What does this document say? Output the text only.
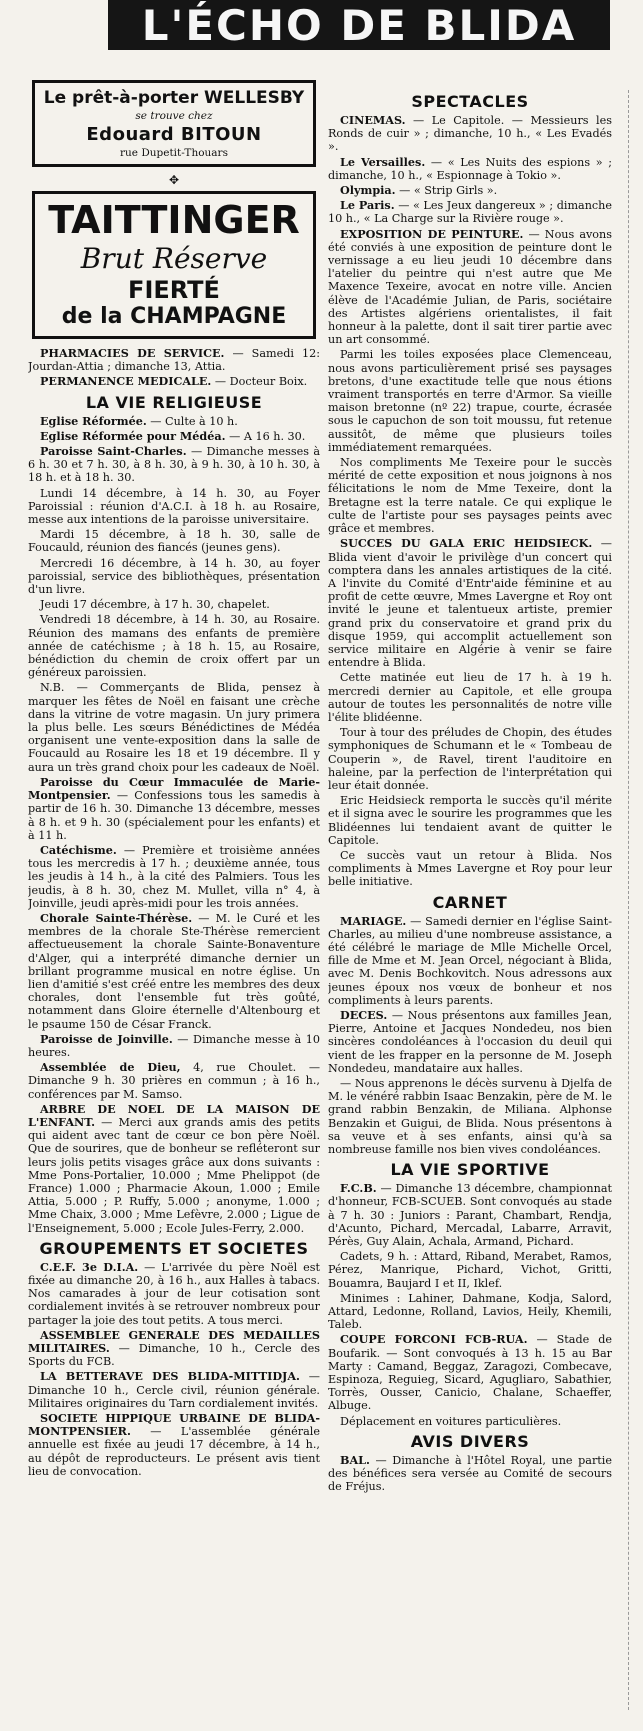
L'ÉCHO DE BLIDA
Le prêt-à-porter WELLESBY
se trouve chez
Edouard BITOUN
rue Dupetit-Thouars
✥
TAITTINGER
Brut Réserve
FIERTÉ
de la CHAMPAGNE

PHARMACIES DE SERVICE. — Samedi 12: Jourdan-Attia ; dimanche 13, Attia.

PERMANENCE MEDICALE. — Docteur Boix.

LA VIE RELIGIEUSE

Eglise Réformée. — Culte à 10 h.

Eglise Réformée pour Médéa. — A 16 h. 30.

Paroisse Saint-Charles. — Dimanche messes à 6 h. 30 et 7 h. 30, à 8 h. 30, à 9 h. 30, à 10 h. 30, à 18 h. et à 18 h. 30.

Lundi 14 décembre, à 14 h. 30, au Foyer Paroissial : réunion d'A.C.I. à 18 h. au Rosaire, messe aux intentions de la paroisse universitaire.

Mardi 15 décembre, à 18 h. 30, salle de Foucauld, réunion des fiancés (jeunes gens).

Mercredi 16 décembre, à 14 h. 30, au foyer paroissial, service des bibliothèques, présentation d'un livre.

Jeudi 17 décembre, à 17 h. 30, chapelet.

Vendredi 18 décembre, à 14 h. 30, au Rosaire. Réunion des mamans des enfants de première année de catéchisme ; à 18 h. 15, au Rosaire, bénédiction du chemin de croix offert par un généreux paroissien.

N.B. — Commerçants de Blida, pensez à marquer les fêtes de Noël en faisant une crèche dans la vitrine de votre magasin. Un jury primera la plus belle. Les sœurs Bénédictines de Médéa organisent une vente-exposition dans la salle de Foucauld au Rosaire les 18 et 19 décembre. Il y aura un très grand choix pour les cadeaux de Noël.

Paroisse du Cœur Immaculée de Marie-Montpensier. — Confessions tous les samedis à partir de 16 h. 30. Dimanche 13 décembre, messes à 8 h. et 9 h. 30 (spécialement pour les enfants) et à 11 h.

Catéchisme. — Première et troisième années tous les mercredis à 17 h. ; deuxième année, tous les jeudis à 14 h., à la cité des Palmiers. Tous les jeudis, à 8 h. 30, chez M. Mullet, villa n° 4, à Joinville, jeudi après-midi pour les trois années.

Chorale Sainte-Thérèse. — M. le Curé et les membres de la chorale Ste-Thérèse remercient affectueusement la chorale Sainte-Bonaventure d'Alger, qui a interprété dimanche dernier un brillant programme musical en notre église. Un lien d'amitié s'est créé entre les membres des deux chorales, dont l'ensemble fut très goûté, notamment dans Gloire éternelle d'Altenbourg et le psaume 150 de César Franck.

Paroisse de Joinville. — Dimanche messe à 10 heures.

Assemblée de Dieu, 4, rue Choulet. — Dimanche 9 h. 30 prières en commun ; à 16 h., conférences par M. Samso.

ARBRE DE NOEL DE LA MAISON DE L'ENFANT. — Merci aux grands amis des petits qui aident avec tant de cœur ce bon père Noël. Que de sourires, que de bonheur se refléteront sur leurs jolis petits visages grâce aux dons suivants : Mme Pons-Portalier, 10.000 ; Mme Phelippot (de France) 1.000 ; Pharmacie Akoun, 1.000 ; Emile Attia, 5.000 ; P. Ruffy, 5.000 ; anonyme, 1.000 ; Mme Chaix, 3.000 ; Mme Lefèvre, 2.000 ; Ligue de l'Enseignement, 5.000 ; Ecole Jules-Ferry, 2.000.

GROUPEMENTS ET SOCIETES

C.E.F. 3e D.I.A. — L'arrivée du père Noël est fixée au dimanche 20, à 16 h., aux Halles à tabacs. Nos camarades à jour de leur cotisation sont cordialement invités à se retrouver nombreux pour partager la joie des tout petits. A tous merci.

ASSEMBLEE GENERALE DES MEDAILLES MILITAIRES. — Dimanche, 10 h., Cercle des Sports du FCB.

LA BETTERAVE DES BLIDA-MITTIDJA. — Dimanche 10 h., Cercle civil, réunion générale. Militaires originaires du Tarn cordialement invités.

SOCIETE HIPPIQUE URBAINE DE BLIDA-MONTPENSIER. — L'assemblée générale annuelle est fixée au jeudi 17 décembre, à 14 h., au dépôt de reproducteurs. Le présent avis tient lieu de convocation.

SPECTACLES

CINEMAS. — Le Capitole. — Messieurs les Ronds de cuir » ; dimanche, 10 h., « Les Evadés ».

Le Versailles. — « Les Nuits des espions » ; dimanche, 10 h., « Espionnage à Tokio ».

Olympia. — « Strip Girls ».

Le Paris. — « Les Jeux dangereux » ; dimanche 10 h., « La Charge sur la Rivière rouge ».

EXPOSITION DE PEINTURE. — Nous avons été conviés à une exposition de peinture dont le vernissage a eu lieu jeudi 10 décembre dans l'atelier du peintre qui n'est autre que Me Maxence Texeire, avocat en notre ville. Ancien élève de l'Académie Julian, de Paris, sociétaire des Artistes algériens orientalistes, il fait honneur à la palette, dont il sait tirer partie avec un art consommé.

Parmi les toiles exposées place Clemenceau, nous avons particulièrement prisé ses paysages bretons, d'une exactitude telle que nous étions vraiment transportés en terre d'Armor. Sa vieille maison bretonne (nº 22) trapue, courte, écrasée sous le capuchon de son toit moussu, fut retenue aussitôt, de même que plusieurs toiles immédiatement remarquées.

Nos compliments Me Texeire pour le succès mérité de cette exposition et nous joignons à nos félicitations le nom de Mme Texeire, dont la Bretagne est la terre natale. Ce qui explique le culte de l'artiste pour ses paysages peints avec grâce et membres.

SUCCES DU GALA ERIC HEIDSIECK. — Blida vient d'avoir le privilège d'un concert qui comptera dans les annales artistiques de la cité. A l'invite du Comité d'Entr'aide féminine et au profit de cette œuvre, Mmes Lavergne et Roy ont invité le jeune et talentueux artiste, premier grand prix du conservatoire et grand prix du disque 1959, qui accomplit actuellement son service militaire en Algérie à venir se faire entendre à Blida.

Cette matinée eut lieu de 17 h. à 19 h. mercredi dernier au Capitole, et elle groupa autour de toutes les personnalités de notre ville l'élite blidéenne.

Tour à tour des préludes de Chopin, des études symphoniques de Schumann et le « Tombeau de Couperin », de Ravel, tirent l'auditoire en haleine, par la perfection de l'interprétation qui leur était donnée.

Eric Heidsieck remporta le succès qu'il mérite et il signa avec le sourire les programmes que les Blidéennes lui tendaient avant de quitter le Capitole.

Ce succès vaut un retour à Blida. Nos compliments à Mmes Lavergne et Roy pour leur belle initiative.

CARNET

MARIAGE. — Samedi dernier en l'église Saint-Charles, au milieu d'une nombreuse assistance, a été célébré le mariage de Mlle Michelle Orcel, fille de Mme et M. Jean Orcel, négociant à Blida, avec M. Denis Bochkovitch. Nous adressons aux jeunes époux nos vœux de bonheur et nos compliments à leurs parents.

DECES. — Nous présentons aux familles Jean, Pierre, Antoine et Jacques Nondedeu, nos bien sincères condoléances à l'occasion du deuil qui vient de les frapper en la personne de M. Joseph Nondedeu, mandataire aux halles.

— Nous apprenons le décès survenu à Djelfa de M. le vénéré rabbin Isaac Benzakin, père de M. le grand rabbin Benzakin, de Miliana. Alphonse Benzakin et Guigui, de Blida. Nous présentons à sa veuve et à ses enfants, ainsi qu'à sa nombreuse famille nos bien vives condoléances.

LA VIE SPORTIVE

F.C.B. — Dimanche 13 décembre, championnat d'honneur, FCB-SCUEB. Sont convoqués au stade à 7 h. 30 : Juniors : Parant, Chambart, Rendja, d'Acunto, Pichard, Mercadal, Labarre, Arravit, Pérès, Guy Alain, Achala, Armand, Pichard.

Cadets, 9 h. : Attard, Riband, Merabet, Ramos, Pérez, Manrique, Pichard, Vichot, Gritti, Bouamra, Baujard I et II, Iklef.

Minimes : Lahiner, Dahmane, Kodja, Salord, Attard, Ledonne, Rolland, Lavios, Heily, Khemili, Taleb.

COUPE FORCONI FCB-RUA. — Stade de Boufarik. — Sont convoqués à 13 h. 15 au Bar Marty : Camand, Beggaz, Zaragozi, Combecave, Espinoza, Reguieg, Sicard, Agugliaro, Sabathier, Torrès, Ousser, Canicio, Chalane, Schaeffer, Albuge.

Déplacement en voitures particulières.

AVIS DIVERS

BAL. — Dimanche à l'Hôtel Royal, une partie des bénéfices sera versée au Comité de secours de Fréjus.
